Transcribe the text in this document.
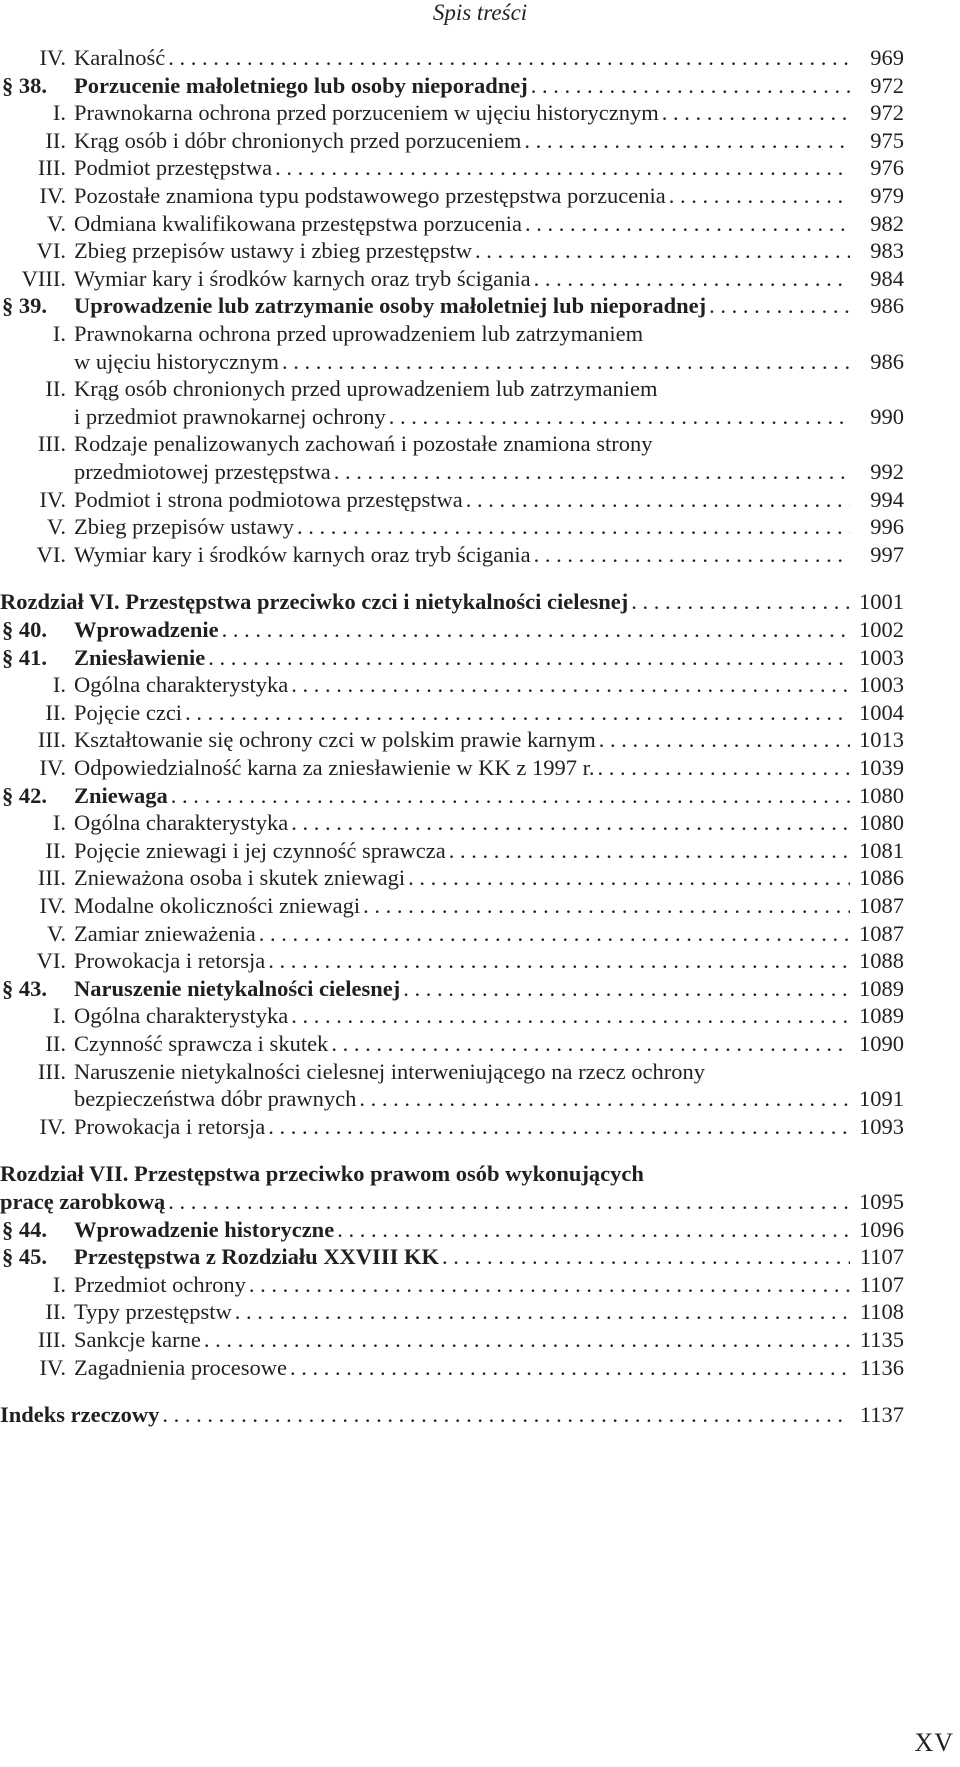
Spis treści
IV. Karalność . . .	969
§ 38.	Porzucenie małoletniego lub osoby nieporadnej . . .	972
I. Prawnokarna ochrona przed porzuceniem w ujęciu historycznym . . .	972
II. Krąg osób i dóbr chronionych przed porzuceniem . . .	975
III. Podmiot przestępstwa . . .	976
IV. Pozostałe znamiona typu podstawowego przestępstwa porzucenia . . .	979
V. Odmiana kwalifikowana przestępstwa porzucenia . . .	982
VI. Zbieg przepisów ustawy i zbieg przestępstw . . .	983
VIII. Wymiar kary i środków karnych oraz tryb ścigania . . .	984
§ 39.	Uprowadzenie lub zatrzymanie osoby małoletniej lub nieporadnej . . .	986
I. Prawnokarna ochrona przed uprowadzeniem lub zatrzymaniem
w ujęciu historycznym . . .	986
II. Krąg osób chronionych przed uprowadzeniem lub zatrzymaniem
i przedmiot prawnokarnej ochrony . . .	990
III. Rodzaje penalizowanych zachowań i pozostałe znamiona strony
przedmiotowej przestępstwa . . .	992
IV. Podmiot i strona podmiotowa przestępstwa . . .	994
V. Zbieg przepisów ustawy . . .	996
VI. Wymiar kary i środków karnych oraz tryb ścigania . . .	997
Rozdział VI. Przestępstwa przeciwko czci i nietykalności cielesnej . . .	1001
§ 40.	Wprowadzenie . . .	1002
§ 41.	Zniesławienie . . .	1003
I. Ogólna charakterystyka . . .	1003
II. Pojęcie czci . . .	1004
III. Kształtowanie się ochrony czci w polskim prawie karnym . . .	1013
IV. Odpowiedzialność karna za zniesławienie w KK z 1997 r. . . .	1039
§ 42.	Zniewaga . . .	1080
I. Ogólna charakterystyka . . .	1080
II. Pojęcie zniewagi i jej czynność sprawcza . . .	1081
III. Znieważona osoba i skutek zniewagi . . .	1086
IV. Modalne okoliczności zniewagi . . .	1087
V. Zamiar znieważenia . . .	1087
VI. Prowokacja i retorsja . . .	1088
§ 43.	Naruszenie nietykalności cielesnej . . .	1089
I. Ogólna charakterystyka . . .	1089
II. Czynność sprawcza i skutek . . .	1090
III. Naruszenie nietykalności cielesnej interweniującego na rzecz ochrony
bezpieczeństwa dóbr prawnych . . .	1091
IV. Prowokacja i retorsja . . .	1093
Rozdział VII. Przestępstwa przeciwko prawom osób wykonujących
pracę zarobkową . . .	1095
§ 44.	Wprowadzenie historyczne . . .	1096
§ 45.	Przestępstwa z Rozdziału XXVIII KK . . .	1107
I. Przedmiot ochrony . . .	1107
II. Typy przestępstw . . .	1108
III. Sankcje karne . . .	1135
IV. Zagadnienia procesowe . . .	1136
Indeks rzeczowy . . .	1137
XV
